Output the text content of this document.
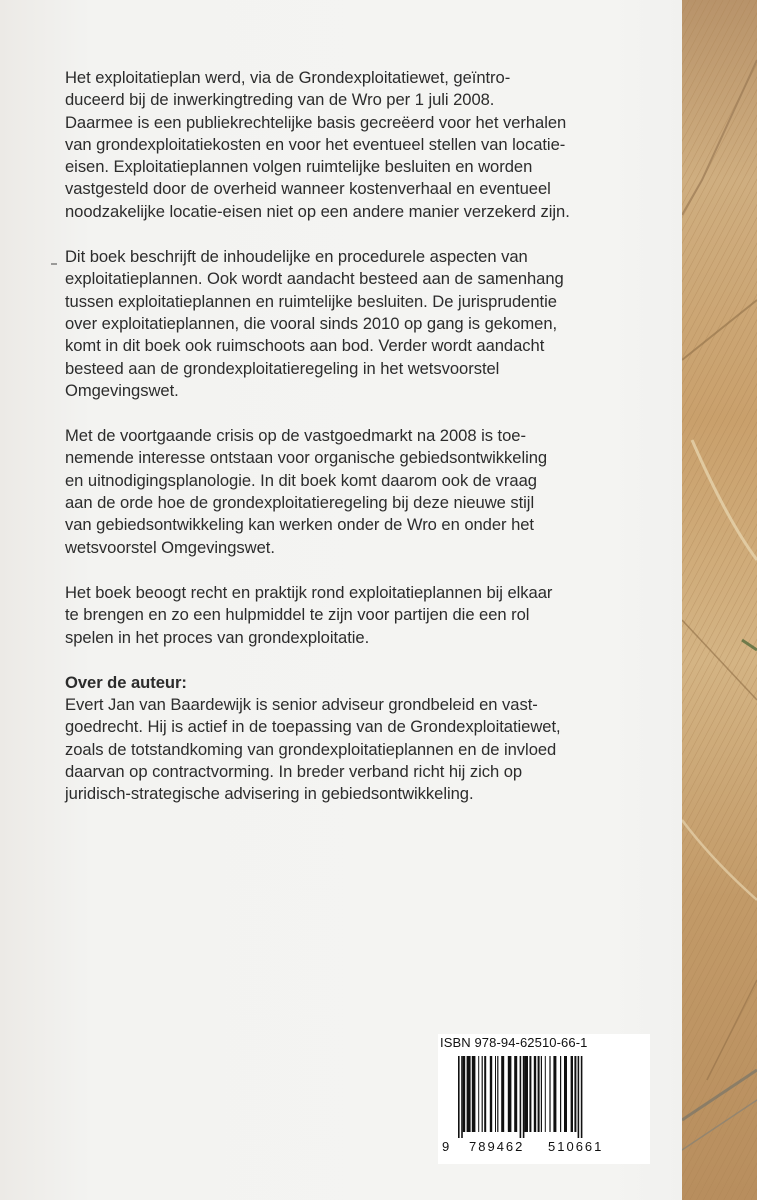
Het exploitatieplan werd, via de Grondexploitatiewet, geïntro-
duceerd bij de inwerkingtreding van de Wro per 1 juli 2008.
Daarmee is een publiekrechtelijke basis gecreëerd voor het verhalen
van grondexploitatiekosten en voor het eventueel stellen van locatie-
eisen. Exploitatieplannen volgen ruimtelijke besluiten en worden
vastgesteld door de overheid wanneer kostenverhaal en eventueel
noodzakelijke locatie-eisen niet op een andere manier verzekerd zijn.

Dit boek beschrijft de inhoudelijke en procedurele aspecten van
exploitatieplannen. Ook wordt aandacht besteed aan de samenhang
tussen exploitatieplannen en ruimtelijke besluiten. De jurisprudentie
over exploitatieplannen, die vooral sinds 2010 op gang is gekomen,
komt in dit boek ook ruimschoots aan bod. Verder wordt aandacht
besteed aan de grondexploitatieregeling in het wetsvoorstel
Omgevingswet.

Met de voortgaande crisis op de vastgoedmarkt na 2008 is toe-
nemende interesse ontstaan voor organische gebiedsontwikkeling
en uitnodigingsplanologie. In dit boek komt daarom ook de vraag
aan de orde hoe de grondexploitatieregeling bij deze nieuwe stijl
van gebiedsontwikkeling kan werken onder de Wro en onder het
wetsvoorstel Omgevingswet.

Het boek beoogt recht en praktijk rond exploitatieplannen bij elkaar
te brengen en zo een hulpmiddel te zijn voor partijen die een rol
spelen in het proces van grondexploitatie.

Over de auteur:

Evert Jan van Baardewijk is senior adviseur grondbeleid en vast-
goedrecht. Hij is actief in de toepassing van de Grondexploitatiewet,
zoals de totstandkoming van grondexploitatieplannen en de invloed
daarvan op contractvorming. In breder verband richt hij zich op
juridisch-strategische advisering in gebiedsontwikkeling.

ISBN 978-94-62510-66-1
9 789462 510661
